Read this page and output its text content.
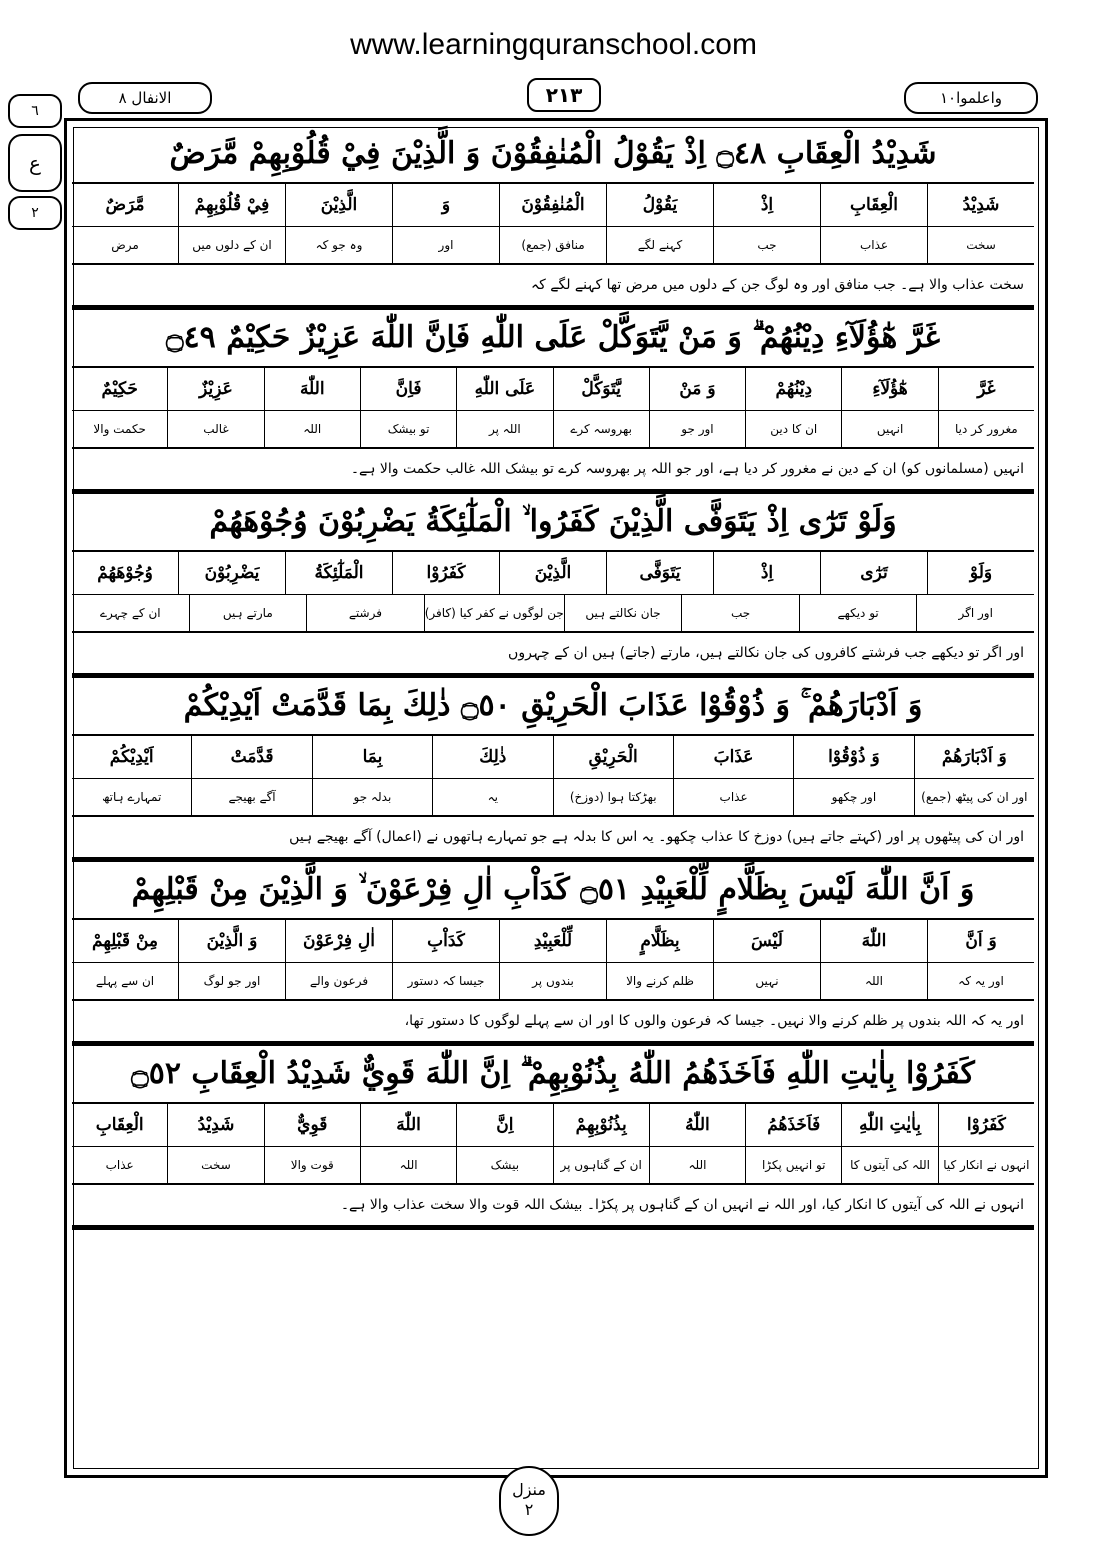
www.learningquranschool.com
الانفال ٨	٢١٣	واعلموا١٠
٦
ع
٢
شَدِيْدُ الْعِقَابِ ۝٤٨ اِذْ يَقُوْلُ الْمُنٰفِقُوْنَ وَ الَّذِيْنَ فِيْ قُلُوْبِهِمْ مَّرَضٌ
شَدِيْدُ
الْعِقَابِ
اِذْ
يَقُوْلُ
الْمُنٰفِقُوْنَ
وَ
الَّذِيْنَ
فِيْ قُلُوْبِهِمْ
مَّرَضٌ
سخت
عذاب
جب
کہنے لگے
منافق (جمع)
اور
وہ جو کہ
ان کے دلوں میں
مرض
سخت عذاب والا ہے۔ جب منافق اور وہ لوگ جن کے دلوں میں مرض تھا کہنے لگے کہ
غَرَّ هٰٓؤُلَآءِ دِيْنُهُمْ ۗ وَ مَنْ يَّتَوَكَّلْ عَلَى اللّٰهِ فَاِنَّ اللّٰهَ عَزِيْزٌ حَكِيْمٌ ۝٤٩
غَرَّ
هٰٓؤُلَآءِ
دِيْنُهُمْ
وَ مَنْ
يَّتَوَكَّلْ
عَلَى اللّٰهِ
فَاِنَّ
اللّٰهَ
عَزِيْزٌ
حَكِيْمٌ
مغرور کر دیا
انہیں
ان کا دین
اور جو
بھروسہ کرے
اللہ پر
تو بیشک
اللہ
غالب
حکمت والا
انہیں (مسلمانوں کو) ان کے دین نے مغرور کر دیا ہے، اور جو اللہ پر بھروسہ کرے تو بیشک اللہ غالب حکمت والا ہے۔
وَلَوْ تَرٰٓى اِذْ يَتَوَفَّى الَّذِيْنَ كَفَرُوا ۙ الْمَلٰٓئِكَةُ يَضْرِبُوْنَ وُجُوْهَهُمْ
وَلَوْ
تَرٰٓى
اِذْ
يَتَوَفَّى
الَّذِيْنَ
كَفَرُوْا
الْمَلٰٓئِكَةُ
يَضْرِبُوْنَ
وُجُوْهَهُمْ
اور اگر
تو دیکھے
جب
جان نکالتے ہیں
جن لوگوں نے کفر کیا (کافر)
فرشتے
مارتے ہیں
ان کے چہرے
اور اگر تو دیکھے جب فرشتے کافروں کی جان نکالتے ہیں، مارتے (جاتے) ہیں ان کے چہروں
وَ اَدْبَارَهُمْ ۚ وَ ذُوْقُوْا عَذَابَ الْحَرِيْقِ ۝٥٠ ذٰلِكَ بِمَا قَدَّمَتْ اَيْدِيْكُمْ
وَ اَدْبَارَهُمْ
وَ ذُوْقُوْا
عَذَابَ
الْحَرِيْقِ
ذٰلِكَ
بِمَا
قَدَّمَتْ
اَيْدِيْكُمْ
اور ان کی پیٹھ (جمع)
اور چکھو
عذاب
بھڑکتا ہوا (دوزخ)
یہ
بدلہ جو
آگے بھیجے
تمہارے ہاتھ
اور ان کی پیٹھوں پر اور (کہتے جاتے ہیں) دوزخ کا عذاب چکھو۔ یہ اس کا بدلہ ہے جو تمہارے ہاتھوں نے (اعمال) آگے بھیجے ہیں
وَ اَنَّ اللّٰهَ لَيْسَ بِظَلَّامٍ لِّلْعَبِيْدِ ۝٥١ كَدَاْبِ اٰلِ فِرْعَوْنَ ۙ وَ الَّذِيْنَ مِنْ قَبْلِهِمْ
وَ اَنَّ
اللّٰهَ
لَيْسَ
بِظَلَّامٍ
لِّلْعَبِيْدِ
كَدَاْبِ
اٰلِ فِرْعَوْنَ
وَ الَّذِيْنَ
مِنْ قَبْلِهِمْ
اور یہ کہ
اللہ
نہیں
ظلم کرنے والا
بندوں پر
جیسا کہ دستور
فرعون والے
اور جو لوگ
ان سے پہلے
اور یہ کہ اللہ بندوں پر ظلم کرنے والا نہیں۔ جیسا کہ فرعون والوں کا اور ان سے پہلے لوگوں کا دستور تھا،
كَفَرُوْا بِاٰيٰتِ اللّٰهِ فَاَخَذَهُمُ اللّٰهُ بِذُنُوْبِهِمْ ۗ اِنَّ اللّٰهَ قَوِيٌّ شَدِيْدُ الْعِقَابِ ۝٥٢
كَفَرُوْا
بِاٰيٰتِ اللّٰهِ
فَاَخَذَهُمُ
اللّٰهُ
بِذُنُوْبِهِمْ
اِنَّ
اللّٰهَ
قَوِيٌّ
شَدِيْدُ
الْعِقَابِ
انہوں نے انکار کیا
اللہ کی آیتوں کا
تو انہیں پکڑا
اللہ
ان کے گناہوں پر
بیشک
اللہ
قوت والا
سخت
عذاب
انہوں نے اللہ کی آیتوں کا انکار کیا، اور اللہ نے انہیں ان کے گناہوں پر پکڑا۔ بیشک اللہ قوت والا سخت عذاب والا ہے۔
منزل
٢
